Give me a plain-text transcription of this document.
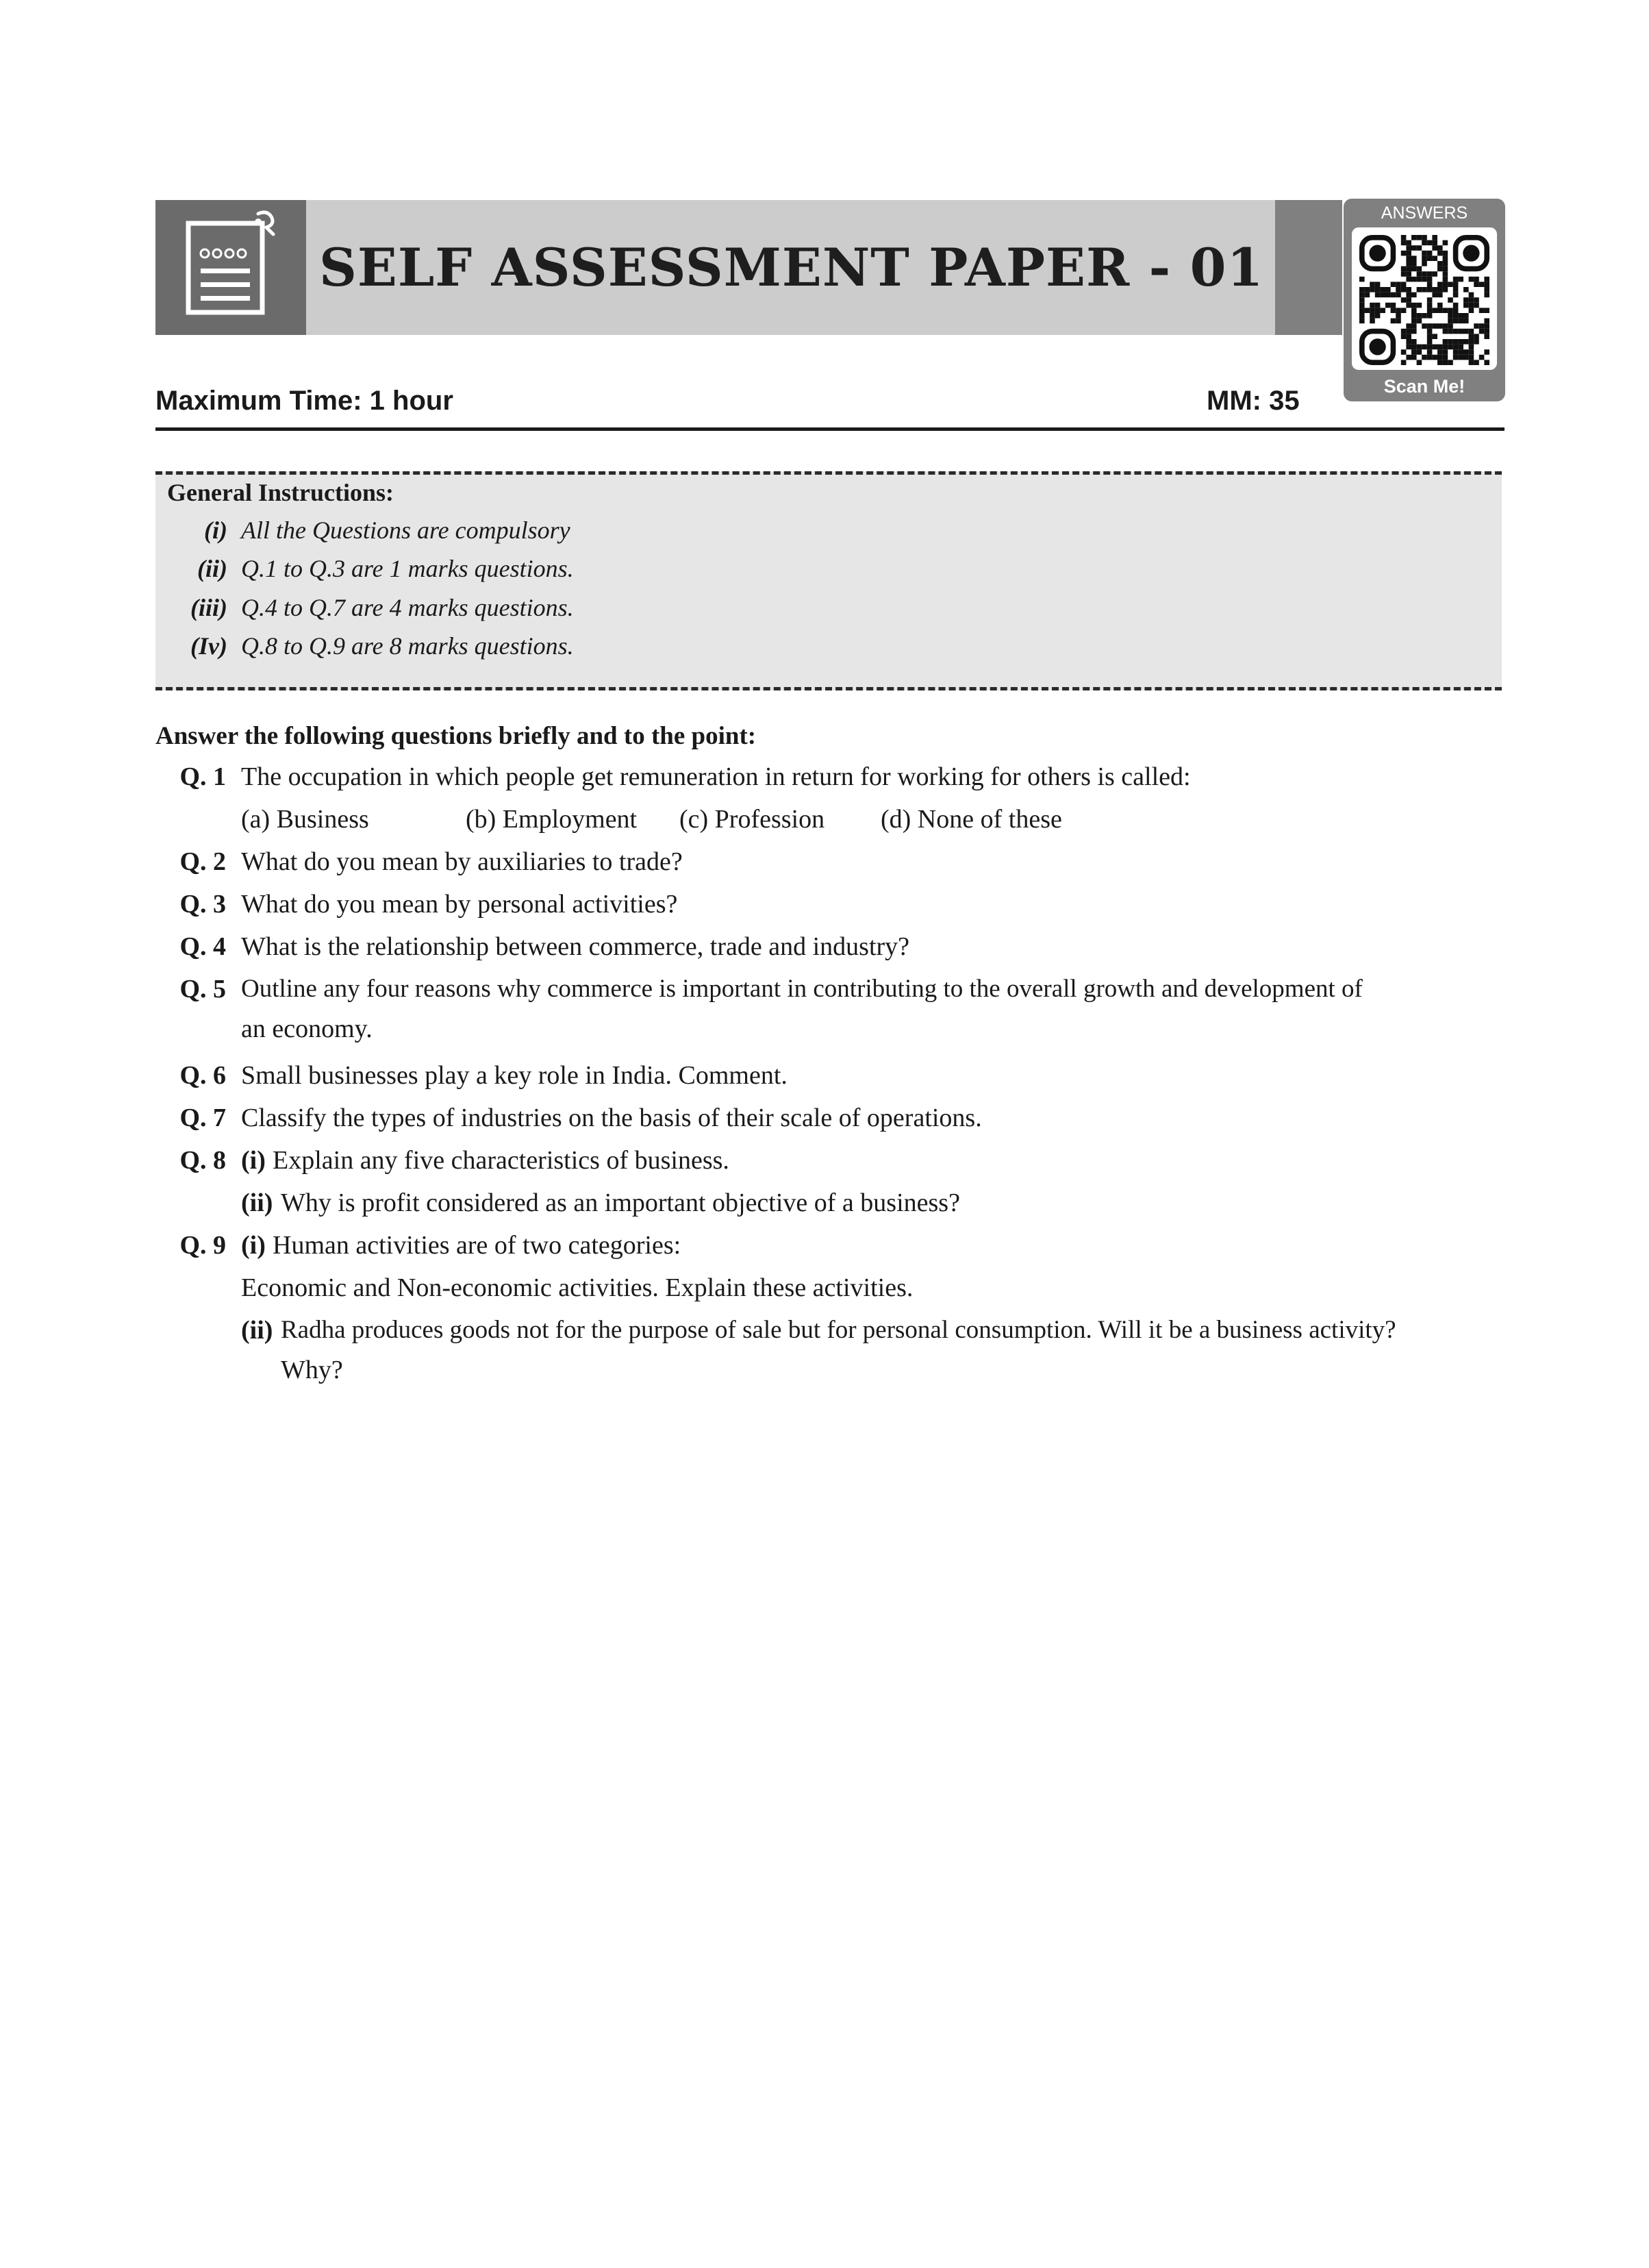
SELF ASSESSMENT PAPER - 01
ANSWERS
Scan Me!
Maximum Time: 1 hour	MM: 35
General Instructions:
(i) All the Questions are compulsory
(ii) Q.1 to Q.3 are 1 marks questions.
(iii) Q.4 to Q.7 are 4 marks questions.
(Iv) Q.8 to Q.9 are 8 marks questions.
Answer the following questions briefly and to the point:
Q. 1 The occupation in which people get remuneration in return for working for others is called:
(a) Business	(b) Employment (c) Profession (d) None of these
Q. 2 What do you mean by auxiliaries to trade?
Q. 3 What do you mean by personal activities?
Q. 4 What is the relationship between commerce, trade and industry?
Q. 5 Outline any four reasons why commerce is important in contributing to the overall growth and development of
an economy.
Q. 6 Small businesses play a key role in India. Comment.
Q. 7 Classify the types of industries on the basis of their scale of operations.
Q. 8 (i) Explain any five characteristics of business.
(ii) Why is profit considered as an important objective of a business?
Q. 9 (i) Human activities are of two categories:
Economic and Non-economic activities. Explain these activities.
(ii) Radha produces goods not for the purpose of sale but for personal consumption. Will it be a business activity?
Why?
